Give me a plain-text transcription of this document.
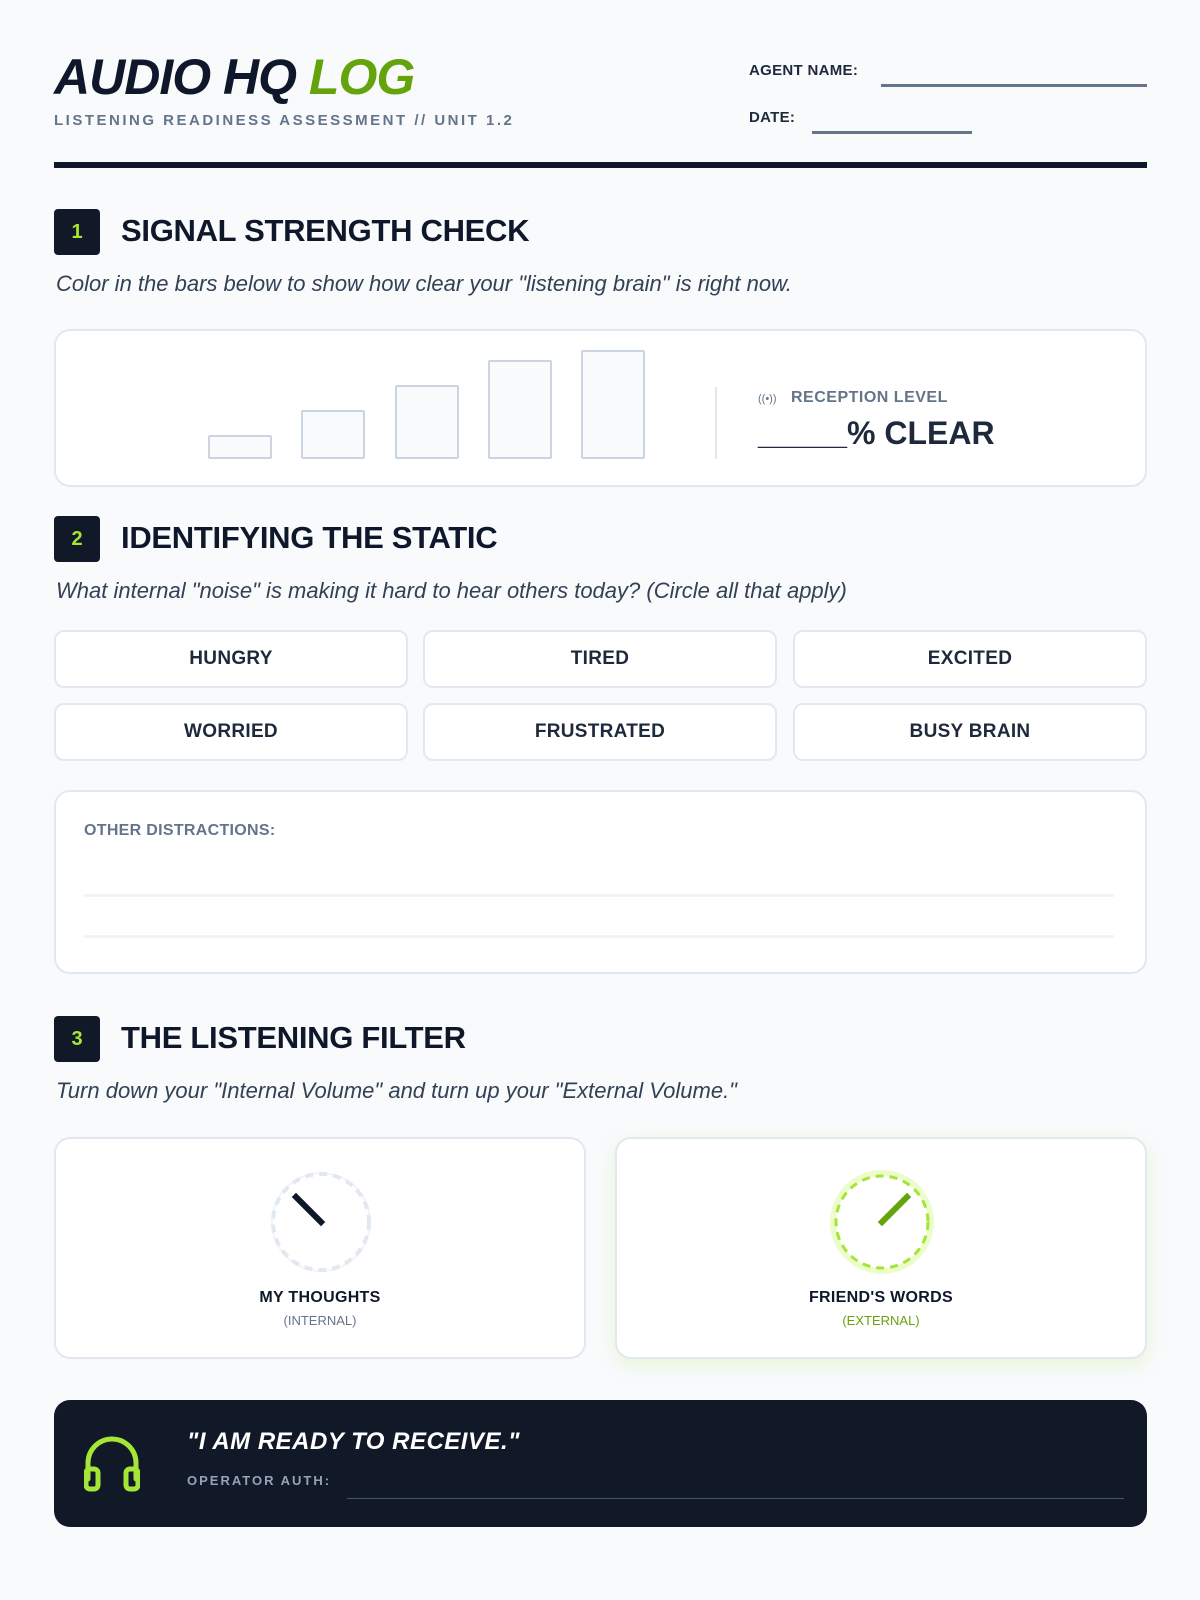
AUDIO HQ LOG
LISTENING READINESS ASSESSMENT // UNIT 1.2
AGENT NAME:
DATE:
1	SIGNAL STRENGTH CHECK
Color in the bars below to show how clear your "listening brain" is right now.
((•)) RECEPTION LEVEL
_____% CLEAR
2	IDENTIFYING THE STATIC
What internal "noise" is making it hard to hear others today? (Circle all that apply)
HUNGRY	TIRED	EXCITED
WORRIED	FRUSTRATED	BUSY BRAIN
OTHER DISTRACTIONS:
3	THE LISTENING FILTER
Turn down your "Internal Volume" and turn up your "External Volume."
MY THOUGHTS
(INTERNAL)
FRIEND'S WORDS
(EXTERNAL)
"I AM READY TO RECEIVE."
OPERATOR AUTH:
